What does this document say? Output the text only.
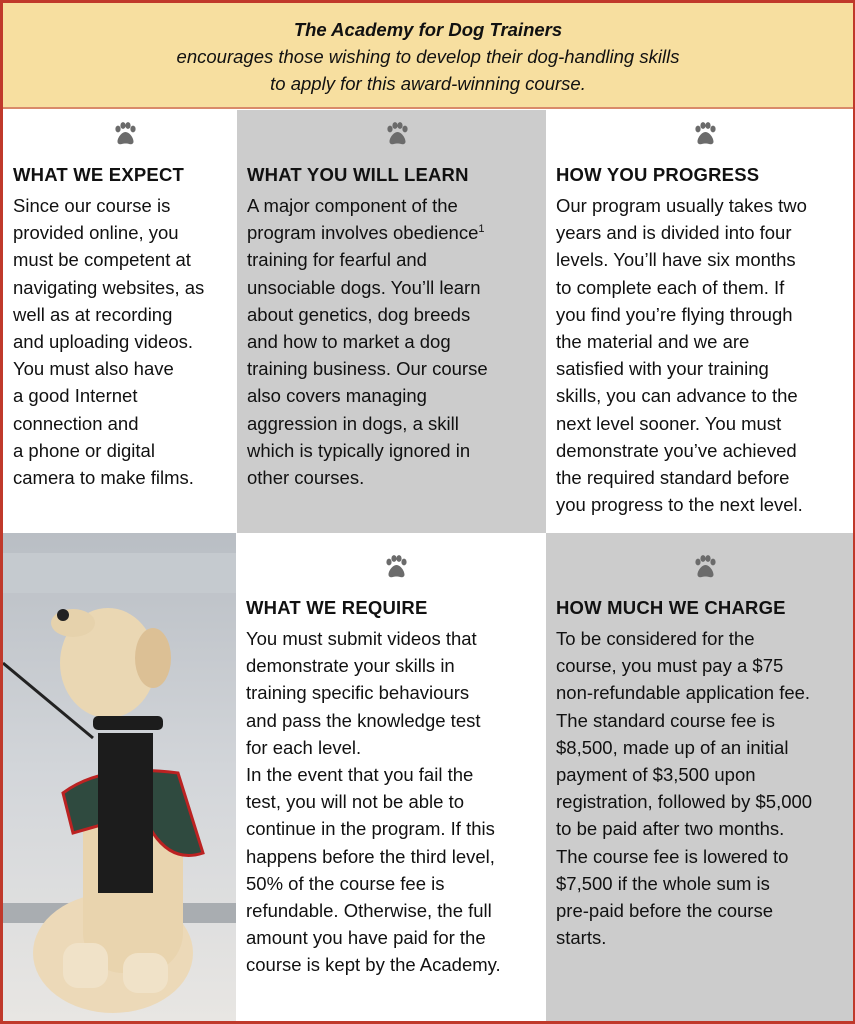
The Academy for Dog Trainers
encourages those wishing to develop their dog-handling skills
to apply for this award-winning course.
WHAT WE EXPECT
Since our course is
provided online, you
must be competent at
navigating websites, as
well as at recording
and uploading videos.
You must also have
a good Internet
connection and
a phone or digital
camera to make films.
WHAT YOU WILL LEARN
A major component of the
program involves obedience$^1$
training for fearful and
unsociable dogs. You’ll learn
about genetics, dog breeds
and how to market a dog
training business. Our course
also covers managing
aggression in dogs, a skill
which is typically ignored in
other courses.
HOW YOU PROGRESS
Our program usually takes two
years and is divided into four
levels. You’ll have six months
to complete each of them. If
you find you’re flying through
the material and we are
satisfied with your training
skills, you can advance to the
next level sooner. You must
demonstrate you’ve achieved
the required standard before
you progress to the next level.
WHAT WE REQUIRE
You must submit videos that
demonstrate your skills in
training specific behaviours
and pass the knowledge test
for each level.
In the event that you fail the
test, you will not be able to
continue in the program. If this
happens before the third level,
50% of the course fee is
refundable. Otherwise, the full
amount you have paid for the
course is kept by the Academy.
HOW MUCH WE CHARGE
To be considered for the
course, you must pay a $75
non-refundable application fee.
The standard course fee is
$8,500, made up of an initial
payment of $3,500 upon
registration, followed by $5,000
to be paid after two months.
The course fee is lowered to
$7,500 if the whole sum is
pre-paid before the course
starts.
